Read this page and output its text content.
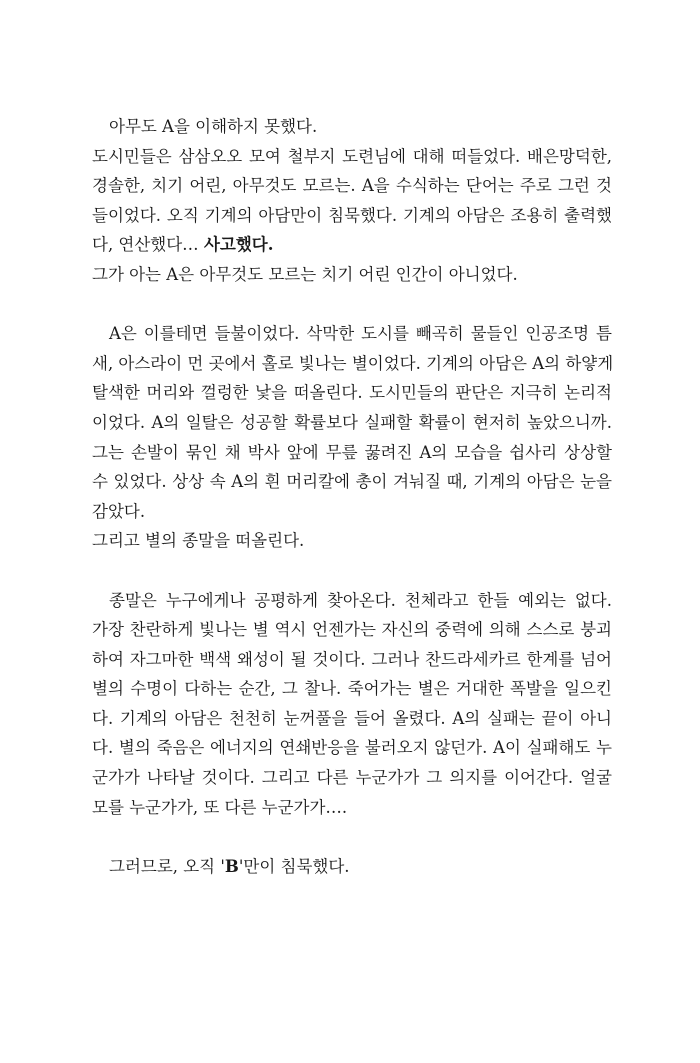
아무도 A을 이해하지 못했다.
도시민들은 삼삼오오 모여 철부지 도련님에 대해 떠들었다. 배은망덕한,
경솔한, 치기 어린, 아무것도 모르는. A을 수식하는 단어는 주로 그런 것
들이었다. 오직 기계의 아담만이 침묵했다. 기계의 아담은 조용히 출력했
다, 연산했다… 사고했다.
그가 아는 A은 아무것도 모르는 치기 어린 인간이 아니었다.
A은 이를테면 들불이었다. 삭막한 도시를 빼곡히 물들인 인공조명 틈
새, 아스라이 먼 곳에서 홀로 빛나는 별이었다. 기계의 아담은 A의 하얗게
탈색한 머리와 껄렁한 낯을 떠올린다. 도시민들의 판단은 지극히 논리적
이었다. A의 일탈은 성공할 확률보다 실패할 확률이 현저히 높았으니까.
그는 손발이 묶인 채 박사 앞에 무릎 꿇려진 A의 모습을 쉽사리 상상할
수 있었다. 상상 속 A의 흰 머리칼에 총이 겨눠질 때, 기계의 아담은 눈을
감았다.
그리고 별의 종말을 떠올린다.
종말은 누구에게나 공평하게 찾아온다. 천체라고 한들 예외는 없다.
가장 찬란하게 빛나는 별 역시 언젠가는 자신의 중력에 의해 스스로 붕괴
하여 자그마한 백색 왜성이 될 것이다. 그러나 찬드라세카르 한계를 넘어
별의 수명이 다하는 순간, 그 찰나. 죽어가는 별은 거대한 폭발을 일으킨
다. 기계의 아담은 천천히 눈꺼풀을 들어 올렸다. A의 실패는 끝이 아니
다. 별의 죽음은 에너지의 연쇄반응을 불러오지 않던가. A이 실패해도 누
군가가 나타날 것이다. 그리고 다른 누군가가 그 의지를 이어간다. 얼굴
모를 누군가가, 또 다른 누군가가….
그러므로, 오직 'B'만이 침묵했다.
